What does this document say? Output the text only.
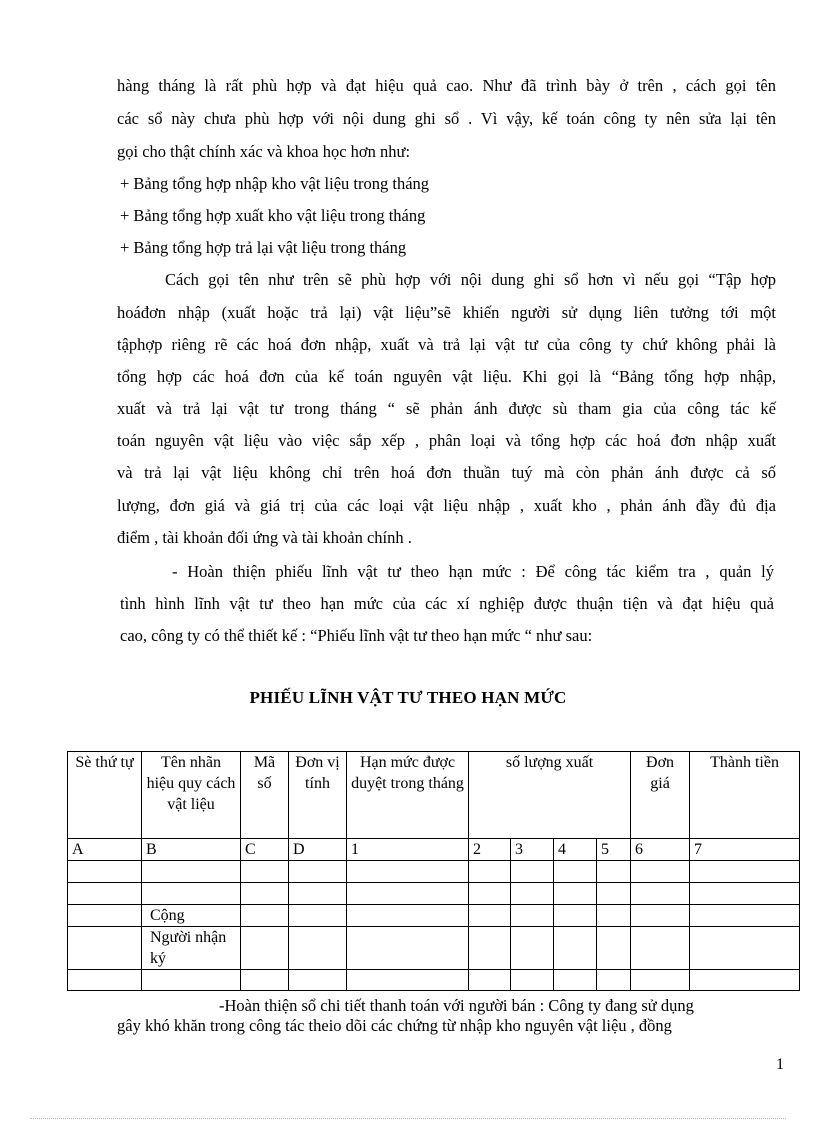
hàng tháng là rất phù hợp và đạt hiệu quả cao. Như đã trình bày ở trên , cách gọi tên
các sổ này chưa phù hợp với nội dung ghi sổ . Vì vậy, kế toán công ty nên sửa lại tên
gọi cho thật chính xác và khoa học hơn như:
+ Bảng tổng hợp nhập kho vật liệu trong tháng
+ Bảng tổng hợp xuất kho vật liệu trong tháng
+ Bảng tổng hợp trả lại vật liệu trong tháng
Cách gọi tên như trên sẽ phù hợp với nội dung ghi sổ hơn vì nếu gọi “Tập hợp
hoáđơn nhập (xuất hoặc trả lại) vật liệu”sẽ khiến người sử dụng liên tưởng tới một
tậphợp riêng rẽ các hoá đơn nhập, xuất và trả lại vật tư của công ty chứ không phải là
tổng hợp các hoá đơn của kế toán nguyên vật liệu. Khi gọi là “Bảng tổng hợp nhập,
xuất và trả lại vật tư trong tháng “ sẽ phản ánh được sù tham gia của công tác kế
toán nguyên vật liệu vào việc sắp xếp , phân loại và tổng hợp các hoá đơn nhập xuất
và trả lại vật liệu không chỉ trên hoá đơn thuần tuý mà còn phản ánh được cả số
lượng, đơn giá và giá trị của các loại vật liệu nhập , xuất kho , phản ánh đầy đủ địa
điểm , tài khoản đối ứng và tài khoản chính .
- Hoàn thiện phiếu lĩnh vật tư theo hạn mức : Để công tác kiểm tra , quản lý
tình hình lĩnh vật tư theo hạn mức của các xí nghiệp được thuận tiện và đạt hiệu quả
cao, công ty có thể thiết kế : “Phiếu lĩnh vật tư theo hạn mức “ như sau:
PHIẾU LĨNH VẬT TƯ THEO HẠN MỨC
Sè thứ tự	Tên nhãn hiệu quy cách vật liệu	Mã số	Đơn vị tính	Hạn mức được duyệt trong tháng	số lượng xuất				Đơn giá	Thành tiền
A	B	C	D	1	2	3	4	5	6	7

	Cộng									
	Người nhận ký									

-Hoàn thiện sổ chi tiết thanh toán với người bán : Công ty đang sử dụng
gây khó khăn trong công tác theio dõi các chứng từ nhập kho nguyên vật liệu , đồng
1
